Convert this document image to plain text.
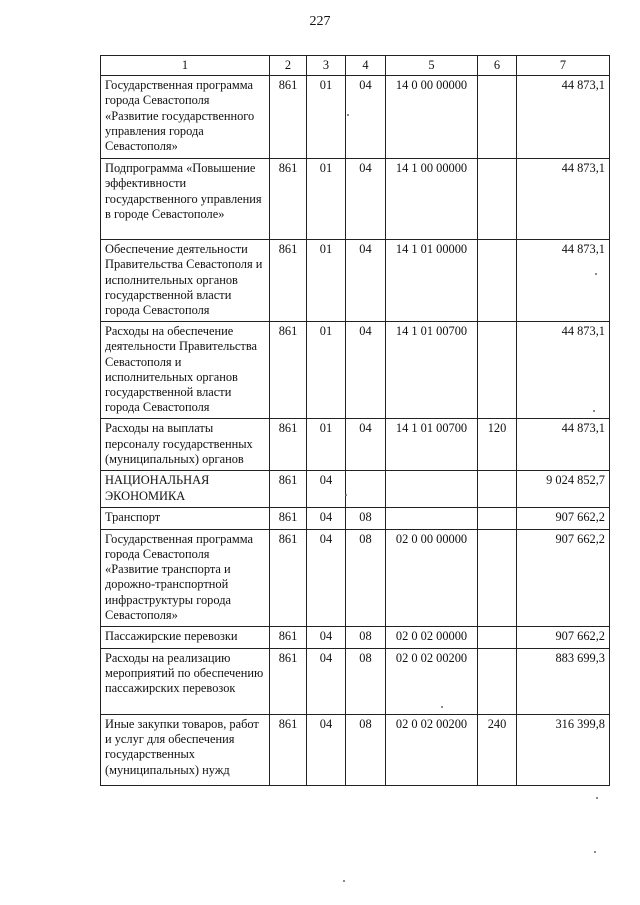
227
1	2	3	4	5	6	7
Государственная программа города Севастополя «Развитие государственного управления города Севастополя»	861	01	04	14 0 00 00000		44 873,1
Подпрограмма «Повышение эффективности государственного управления в городе Севастополе»	861	01	04	14 1 00 00000		44 873,1
Обеспечение деятельности Правительства Севастополя и исполнительных органов государственной власти города Севастополя	861	01	04	14 1 01 00000		44 873,1
Расходы на обеспечение деятельности Правительства Севастополя и исполнительных органов государственной власти города Севастополя	861	01	04	14 1 01 00700		44 873,1
Расходы на выплаты персоналу государственных (муниципальных) органов	861	01	04	14 1 01 00700	120	44 873,1
НАЦИОНАЛЬНАЯ ЭКОНОМИКА	861	04				9 024 852,7
Транспорт	861	04	08			907 662,2
Государственная программа города Севастополя «Развитие транспорта и дорожно-транспортной инфраструктуры города Севастополя»	861	04	08	02 0 00 00000		907 662,2
Пассажирские перевозки	861	04	08	02 0 02 00000		907 662,2
Расходы на реализацию мероприятий по обеспечению пассажирских перевозок	861	04	08	02 0 02 00200		883 699,3
Иные закупки товаров, работ и услуг для обеспечения государственных (муниципальных) нужд	861	04	08	02 0 02 00200	240	316 399,8
